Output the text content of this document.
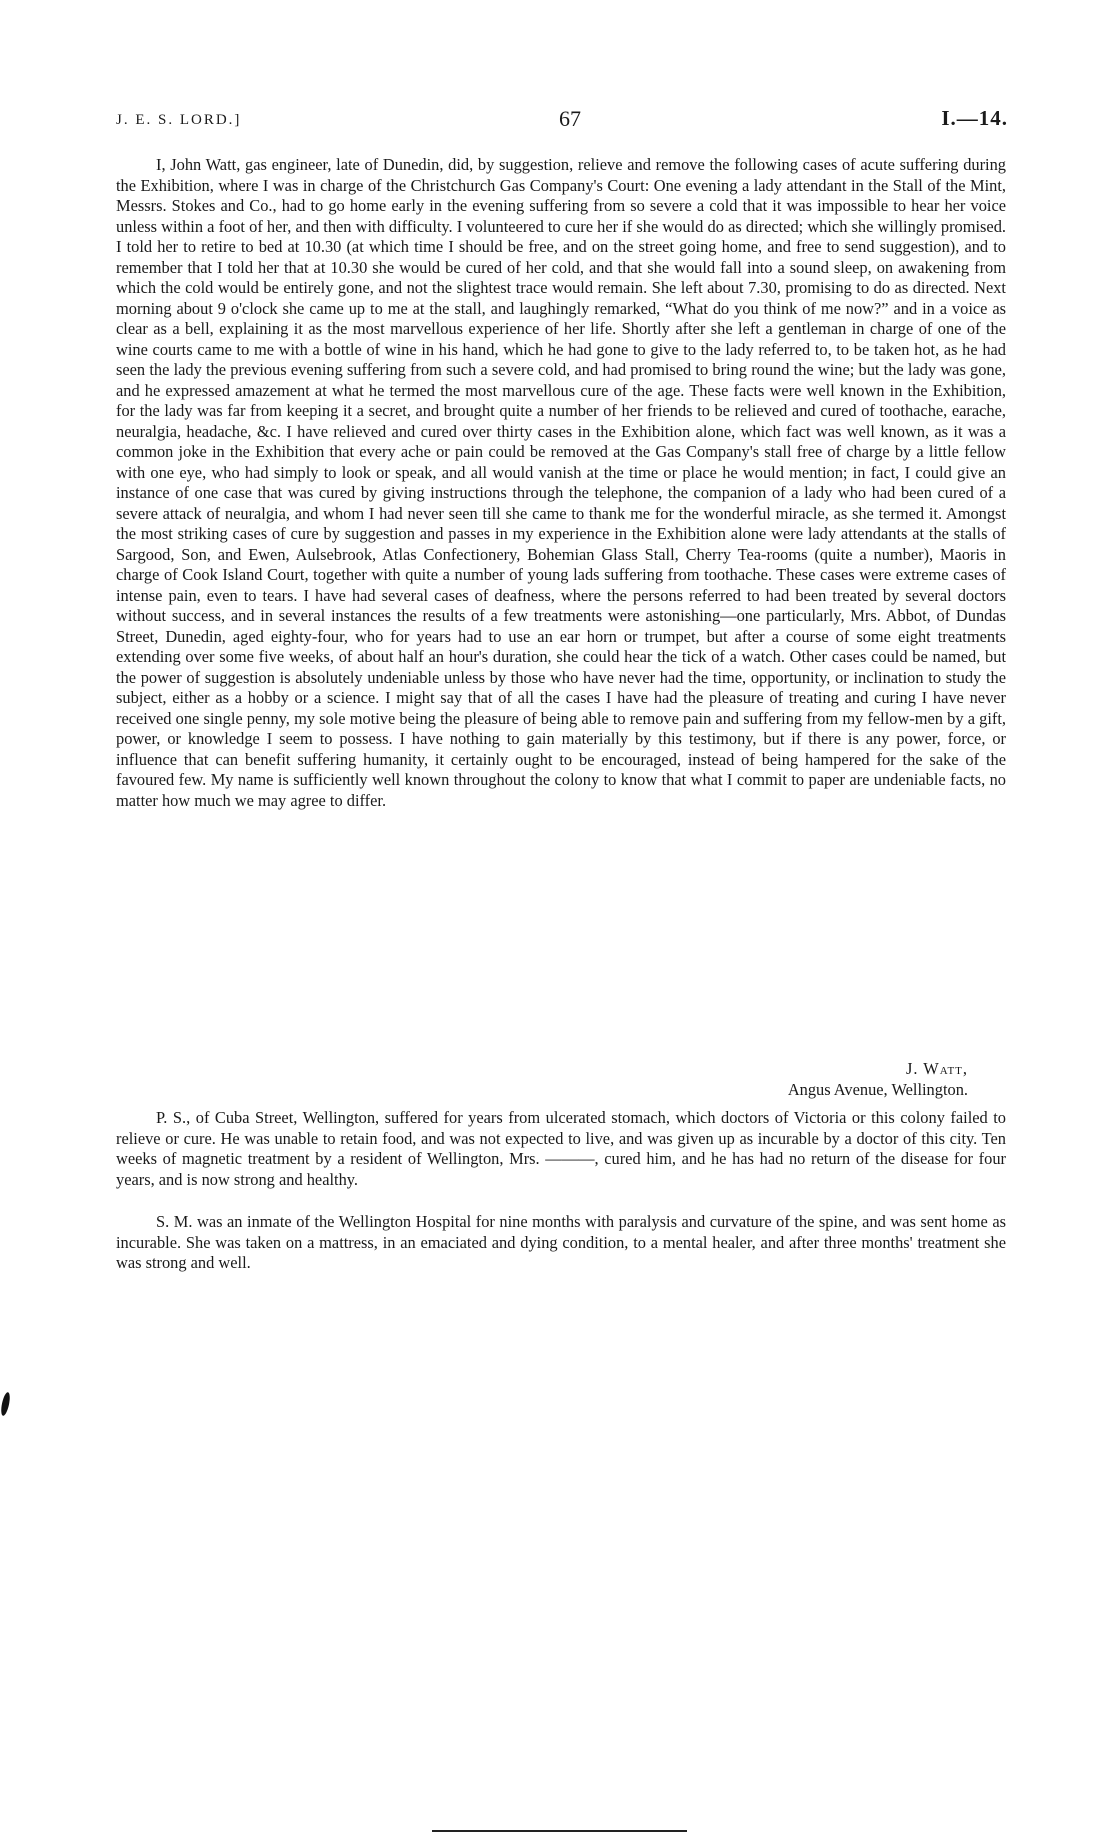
J. E. S. LORD.]	67	I.—14.

I, John Watt, gas engineer, late of Dunedin, did, by suggestion, relieve and remove the following cases of acute suffering during the Exhibition, where I was in charge of the Christchurch Gas Company's Court: One evening a lady attendant in the Stall of the Mint, Messrs. Stokes and Co., had to go home early in the evening suffering from so severe a cold that it was impossible to hear her voice unless within a foot of her, and then with difficulty. I volunteered to cure her if she would do as directed; which she willingly promised. I told her to retire to bed at 10.30 (at which time I should be free, and on the street going home, and free to send suggestion), and to remember that I told her that at 10.30 she would be cured of her cold, and that she would fall into a sound sleep, on awakening from which the cold would be entirely gone, and not the slightest trace would remain. She left about 7.30, promising to do as directed. Next morning about 9 o'clock she came up to me at the stall, and laughingly remarked, “What do you think of me now?” and in a voice as clear as a bell, explaining it as the most marvellous experience of her life. Shortly after she left a gentleman in charge of one of the wine courts came to me with a bottle of wine in his hand, which he had gone to give to the lady referred to, to be taken hot, as he had seen the lady the previous evening suffering from such a severe cold, and had promised to bring round the wine; but the lady was gone, and he expressed amazement at what he termed the most marvellous cure of the age. These facts were well known in the Exhibition, for the lady was far from keeping it a secret, and brought quite a number of her friends to be relieved and cured of toothache, earache, neuralgia, headache, &c. I have relieved and cured over thirty cases in the Exhibition alone, which fact was well known, as it was a common joke in the Exhibition that every ache or pain could be removed at the Gas Company's stall free of charge by a little fellow with one eye, who had simply to look or speak, and all would vanish at the time or place he would mention; in fact, I could give an instance of one case that was cured by giving instructions through the telephone, the companion of a lady who had been cured of a severe attack of neuralgia, and whom I had never seen till she came to thank me for the wonderful miracle, as she termed it. Amongst the most striking cases of cure by suggestion and passes in my experience in the Exhibition alone were lady attendants at the stalls of Sargood, Son, and Ewen, Aulsebrook, Atlas Confectionery, Bohemian Glass Stall, Cherry Tea-rooms (quite a number), Maoris in charge of Cook Island Court, together with quite a number of young lads suffering from toothache. These cases were extreme cases of intense pain, even to tears. I have had several cases of deafness, where the persons referred to had been treated by several doctors without success, and in several instances the results of a few treatments were astonishing—one particularly, Mrs. Abbot, of Dundas Street, Dunedin, aged eighty-four, who for years had to use an ear horn or trumpet, but after a course of some eight treatments extending over some five weeks, of about half an hour's duration, she could hear the tick of a watch. Other cases could be named, but the power of suggestion is absolutely undeniable unless by those who have never had the time, opportunity, or inclination to study the subject, either as a hobby or a science. I might say that of all the cases I have had the pleasure of treating and curing I have never received one single penny, my sole motive being the pleasure of being able to remove pain and suffering from my fellow-men by a gift, power, or knowledge I seem to possess. I have nothing to gain materially by this testimony, but if there is any power, force, or influence that can benefit suffering humanity, it certainly ought to be encouraged, instead of being hampered for the sake of the favoured few. My name is sufficiently well known throughout the colony to know that what I commit to paper are undeniable facts, no matter how much we may agree to differ.

J. Watt,
Angus Avenue, Wellington.

P. S., of Cuba Street, Wellington, suffered for years from ulcerated stomach, which doctors of Victoria or this colony failed to relieve or cure. He was unable to retain food, and was not expected to live, and was given up as incurable by a doctor of this city. Ten weeks of magnetic treatment by a resident of Wellington, Mrs. ———, cured him, and he has had no return of the disease for four years, and is now strong and healthy.

S. M. was an inmate of the Wellington Hospital for nine months with paralysis and curvature of the spine, and was sent home as incurable. She was taken on a mattress, in an emaciated and dying condition, to a mental healer, and after three months' treatment she was strong and well.
